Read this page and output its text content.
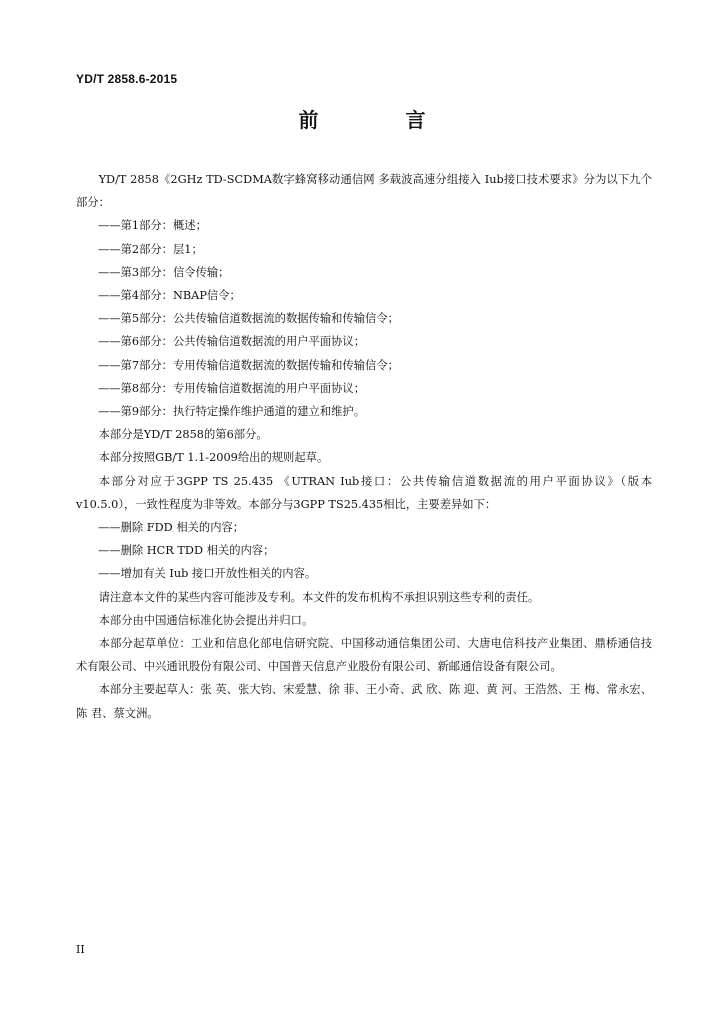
YD/T 2858.6-2015
前 言

YD/T 2858《2GHz TD-SCDMA数字蜂窝移动通信网 多载波高速分组接入 Iub接口技术要求》分为以下九个部分：

——第1部分：概述；
——第2部分：层1；
——第3部分：信令传输；
——第4部分：NBAP信令；
——第5部分：公共传输信道数据流的数据传输和传输信令；
——第6部分：公共传输信道数据流的用户平面协议；
——第7部分：专用传输信道数据流的数据传输和传输信令；
——第8部分：专用传输信道数据流的用户平面协议；
——第9部分：执行特定操作维护通道的建立和维护。

本部分是YD/T 2858的第6部分。

本部分按照GB/T 1.1-2009给出的规则起草。

本部分对应于3GPP TS 25.435 《UTRAN Iub接口：公共传输信道数据流的用户平面协议》（版本v10.5.0），一致性程度为非等效。本部分与3GPP TS25.435相比，主要差异如下：

——删除 FDD 相关的内容；
——删除 HCR TDD 相关的内容；
——增加有关 Iub 接口开放性相关的内容。

请注意本文件的某些内容可能涉及专利。本文件的发布机构不承担识别这些专利的责任。

本部分由中国通信标准化协会提出并归口。

本部分起草单位：工业和信息化部电信研究院、中国移动通信集团公司、大唐电信科技产业集团、鼎桥通信技术有限公司、中兴通讯股份有限公司、中国普天信息产业股份有限公司、新邮通信设备有限公司。

本部分主要起草人：张 英、张大钧、宋爱慧、徐 菲、王小奇、武 欣、陈 迎、黄 河、王浩然、王 梅、常永宏、陈 君、蔡文洲。

II
